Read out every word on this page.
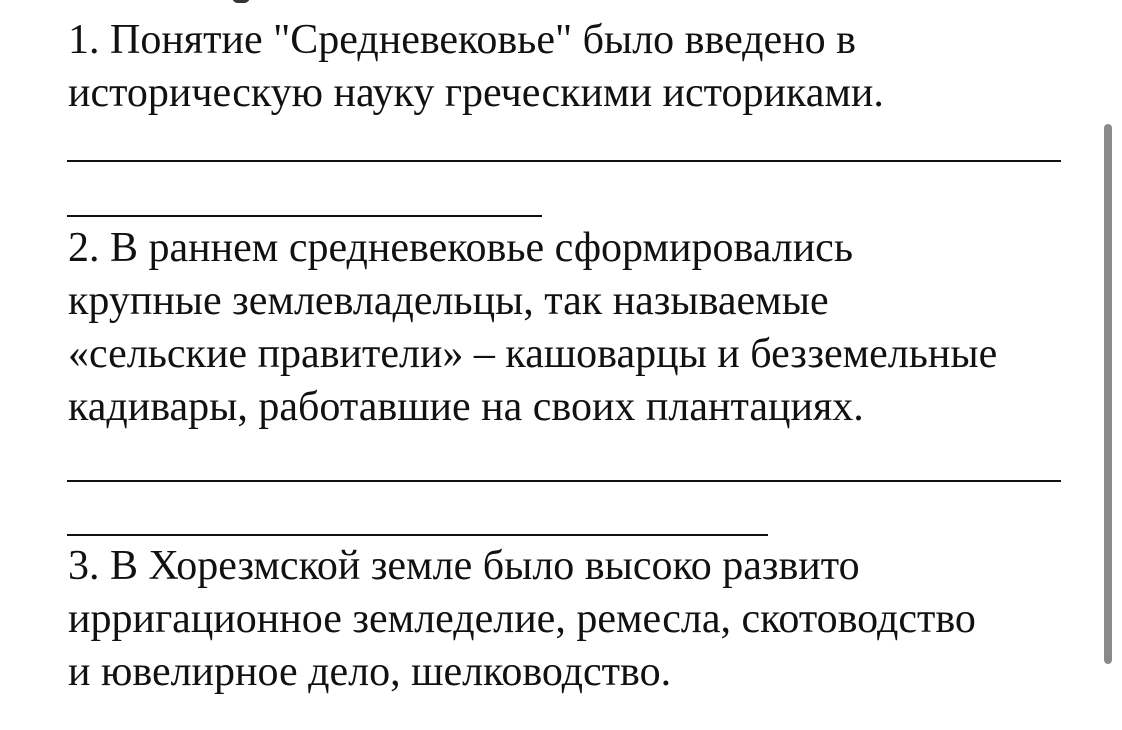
1. Понятие "Средневековье" было введено в
историческую науку греческими историками.

2. В раннем средневековье сформировались
крупные землевладельцы, так называемые
«сельские правители» – кашоварцы и безземельные
кадивары, работавшие на своих плантациях.

3. В Хорезмской земле было высоко развито
ирригационное земледелие, ремесла, скотоводство
и ювелирное дело, шелководство.
